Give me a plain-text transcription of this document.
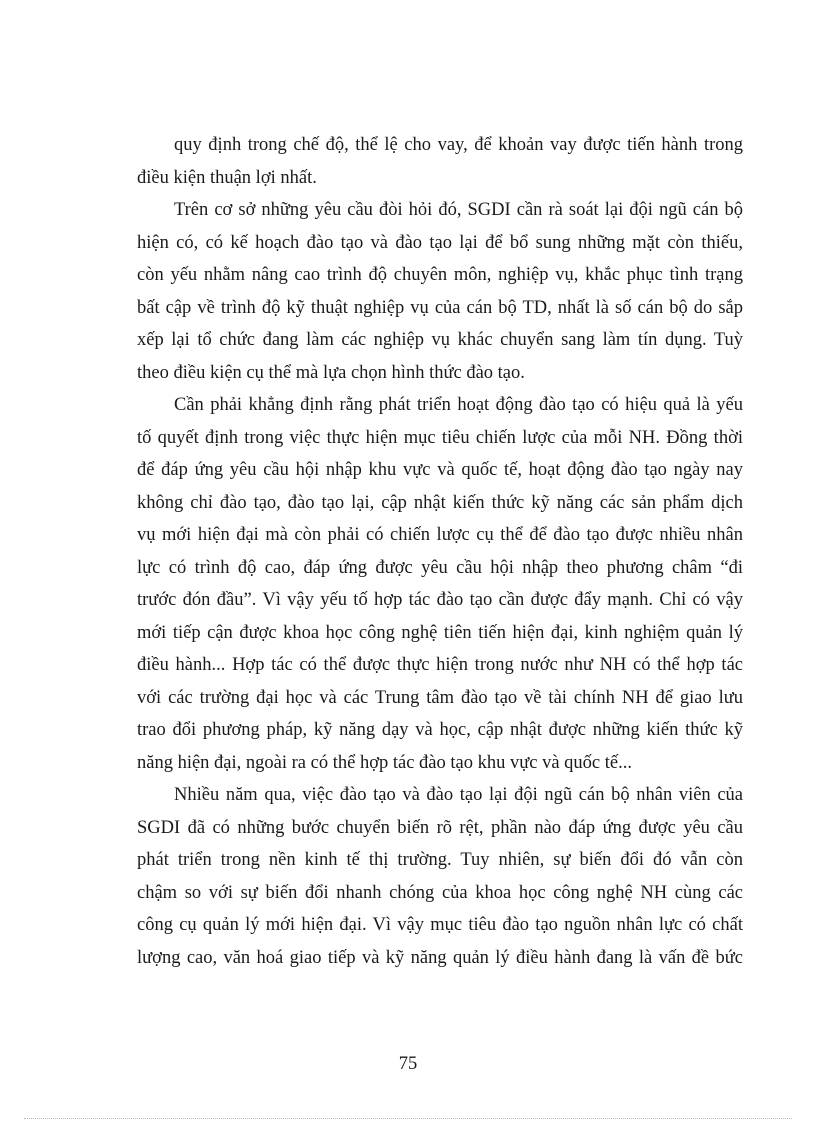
quy định trong chế độ, thể lệ cho vay, để khoản vay được tiến hành trong
điều kiện thuận lợi nhất.
Trên cơ sở những yêu cầu đòi hỏi đó, SGDI cần rà soát lại đội ngũ cán bộ
hiện có, có kế hoạch đào tạo và đào tạo lại để bổ sung những mặt còn thiếu,
còn yếu nhằm nâng cao trình độ chuyên môn, nghiệp vụ, khắc phục tình trạng
bất cập về trình độ kỹ thuật nghiệp vụ của cán bộ TD, nhất là số cán bộ do sắp
xếp lại tổ chức đang làm các nghiệp vụ khác chuyển sang làm tín dụng. Tuỳ
theo điều kiện cụ thể mà lựa chọn hình thức đào tạo.
Cần phải khẳng định rằng phát triển hoạt động đào tạo có hiệu quả là yếu
tố quyết định trong việc thực hiện mục tiêu chiến lược của mỗi NH. Đồng thời
để đáp ứng yêu cầu hội nhập khu vực và quốc tế, hoạt động đào tạo ngày nay
không chỉ đào tạo, đào tạo lại, cập nhật kiến thức kỹ năng các sản phẩm dịch
vụ mới hiện đại mà còn phải có chiến lược cụ thể để đào tạo được nhiều nhân
lực có trình độ cao, đáp ứng được yêu cầu hội nhập theo phương châm “đi
trước đón đầu”. Vì vậy yếu tố hợp tác đào tạo cần được đẩy mạnh. Chỉ có vậy
mới tiếp cận được khoa học công nghệ tiên tiến hiện đại, kinh nghiệm quản lý
điều hành... Hợp tác có thể được thực hiện trong nước như NH có thể hợp tác
với các trường đại học và các Trung tâm đào tạo về tài chính NH để giao lưu
trao đổi phương pháp, kỹ năng dạy và học, cập nhật được những kiến thức kỹ
năng hiện đại, ngoài ra có thể hợp tác đào tạo khu vực và quốc tế...
Nhiều năm qua, việc đào tạo và đào tạo lại đội ngũ cán bộ nhân viên của
SGDI đã có những bước chuyển biến rõ rệt, phần nào đáp ứng được yêu cầu
phát triển trong nền kinh tế thị trường. Tuy nhiên, sự biến đổi đó vẫn còn
chậm so với sự biến đổi nhanh chóng của khoa học công nghệ NH cùng các
công cụ quản lý mới hiện đại. Vì vậy mục tiêu đào tạo nguồn nhân lực có chất
lượng cao, văn hoá giao tiếp và kỹ năng quản lý điều hành đang là vấn đề bức
75
